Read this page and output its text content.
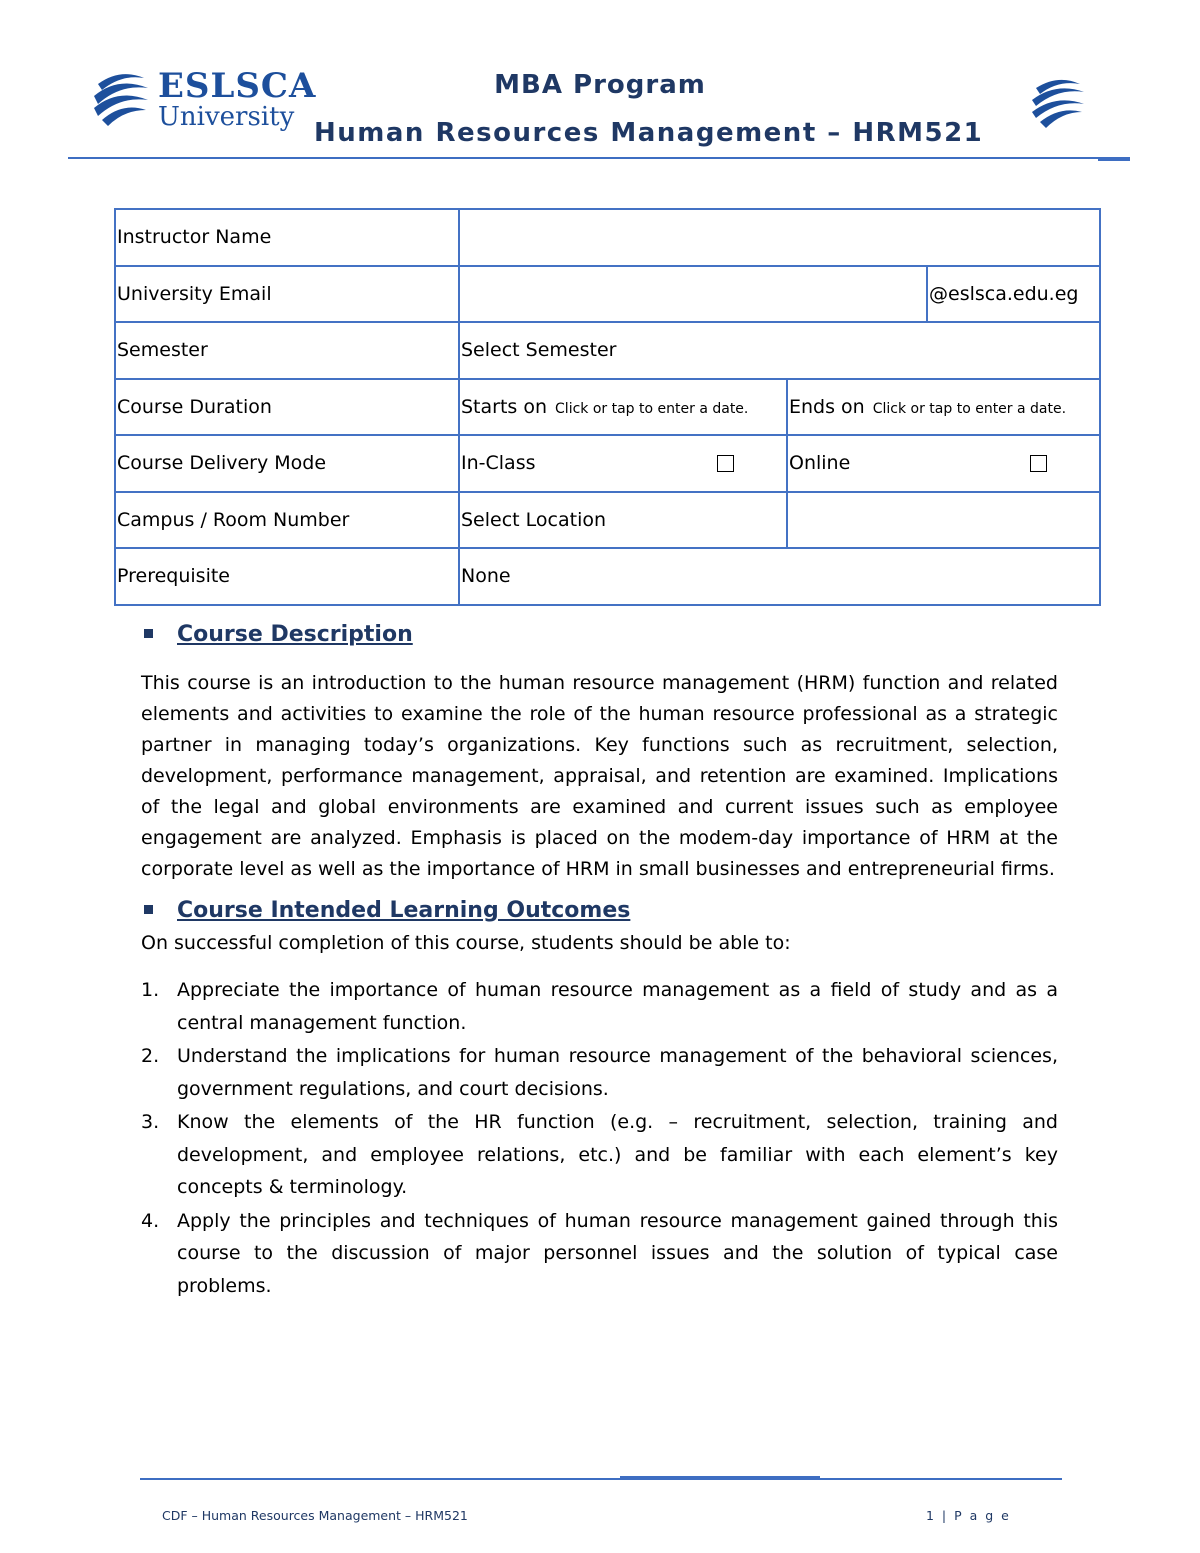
ESLSCA
University
MBA Program
Human Resources Management – HRM521
Instructor Name			
University Email			@eslsca.edu.eg
Semester	Select Semester		
Course Duration	Starts on Click or tap to enter a date.	Ends on Click or tap to enter a date.	
Course Delivery Mode	In-Class	Online	

Campus / Room Number	Select Location		
Prerequisite	None		
Course Description

This course is an introduction to the human resource management (HRM) function and related elements and activities to examine the role of the human resource professional as a strategic partner in managing today’s organizations. Key functions such as recruitment, selection, development, performance management, appraisal, and retention are examined. Implications of the legal and global environments are examined and current issues such as employee engagement are analyzed. Emphasis is placed on the modem-day importance of HRM at the corporate level as well as the importance of HRM in small businesses and entrepreneurial firms.

Course Intended Learning Outcomes
On successful completion of this course, students should be able to:
1. Appreciate the importance of human resource management as a field of study and as a central management function.
2. Understand the implications for human resource management of the behavioral sciences, government regulations, and court decisions.
3. Know the elements of the HR function (e.g. – recruitment, selection, training and development, and employee relations, etc.) and be familiar with each element’s key concepts & terminology.
4. Apply the principles and techniques of human resource management gained through this course to the discussion of major personnel issues and the solution of typical case problems.
CDF – Human Resources Management – HRM521	1 | P a g e
